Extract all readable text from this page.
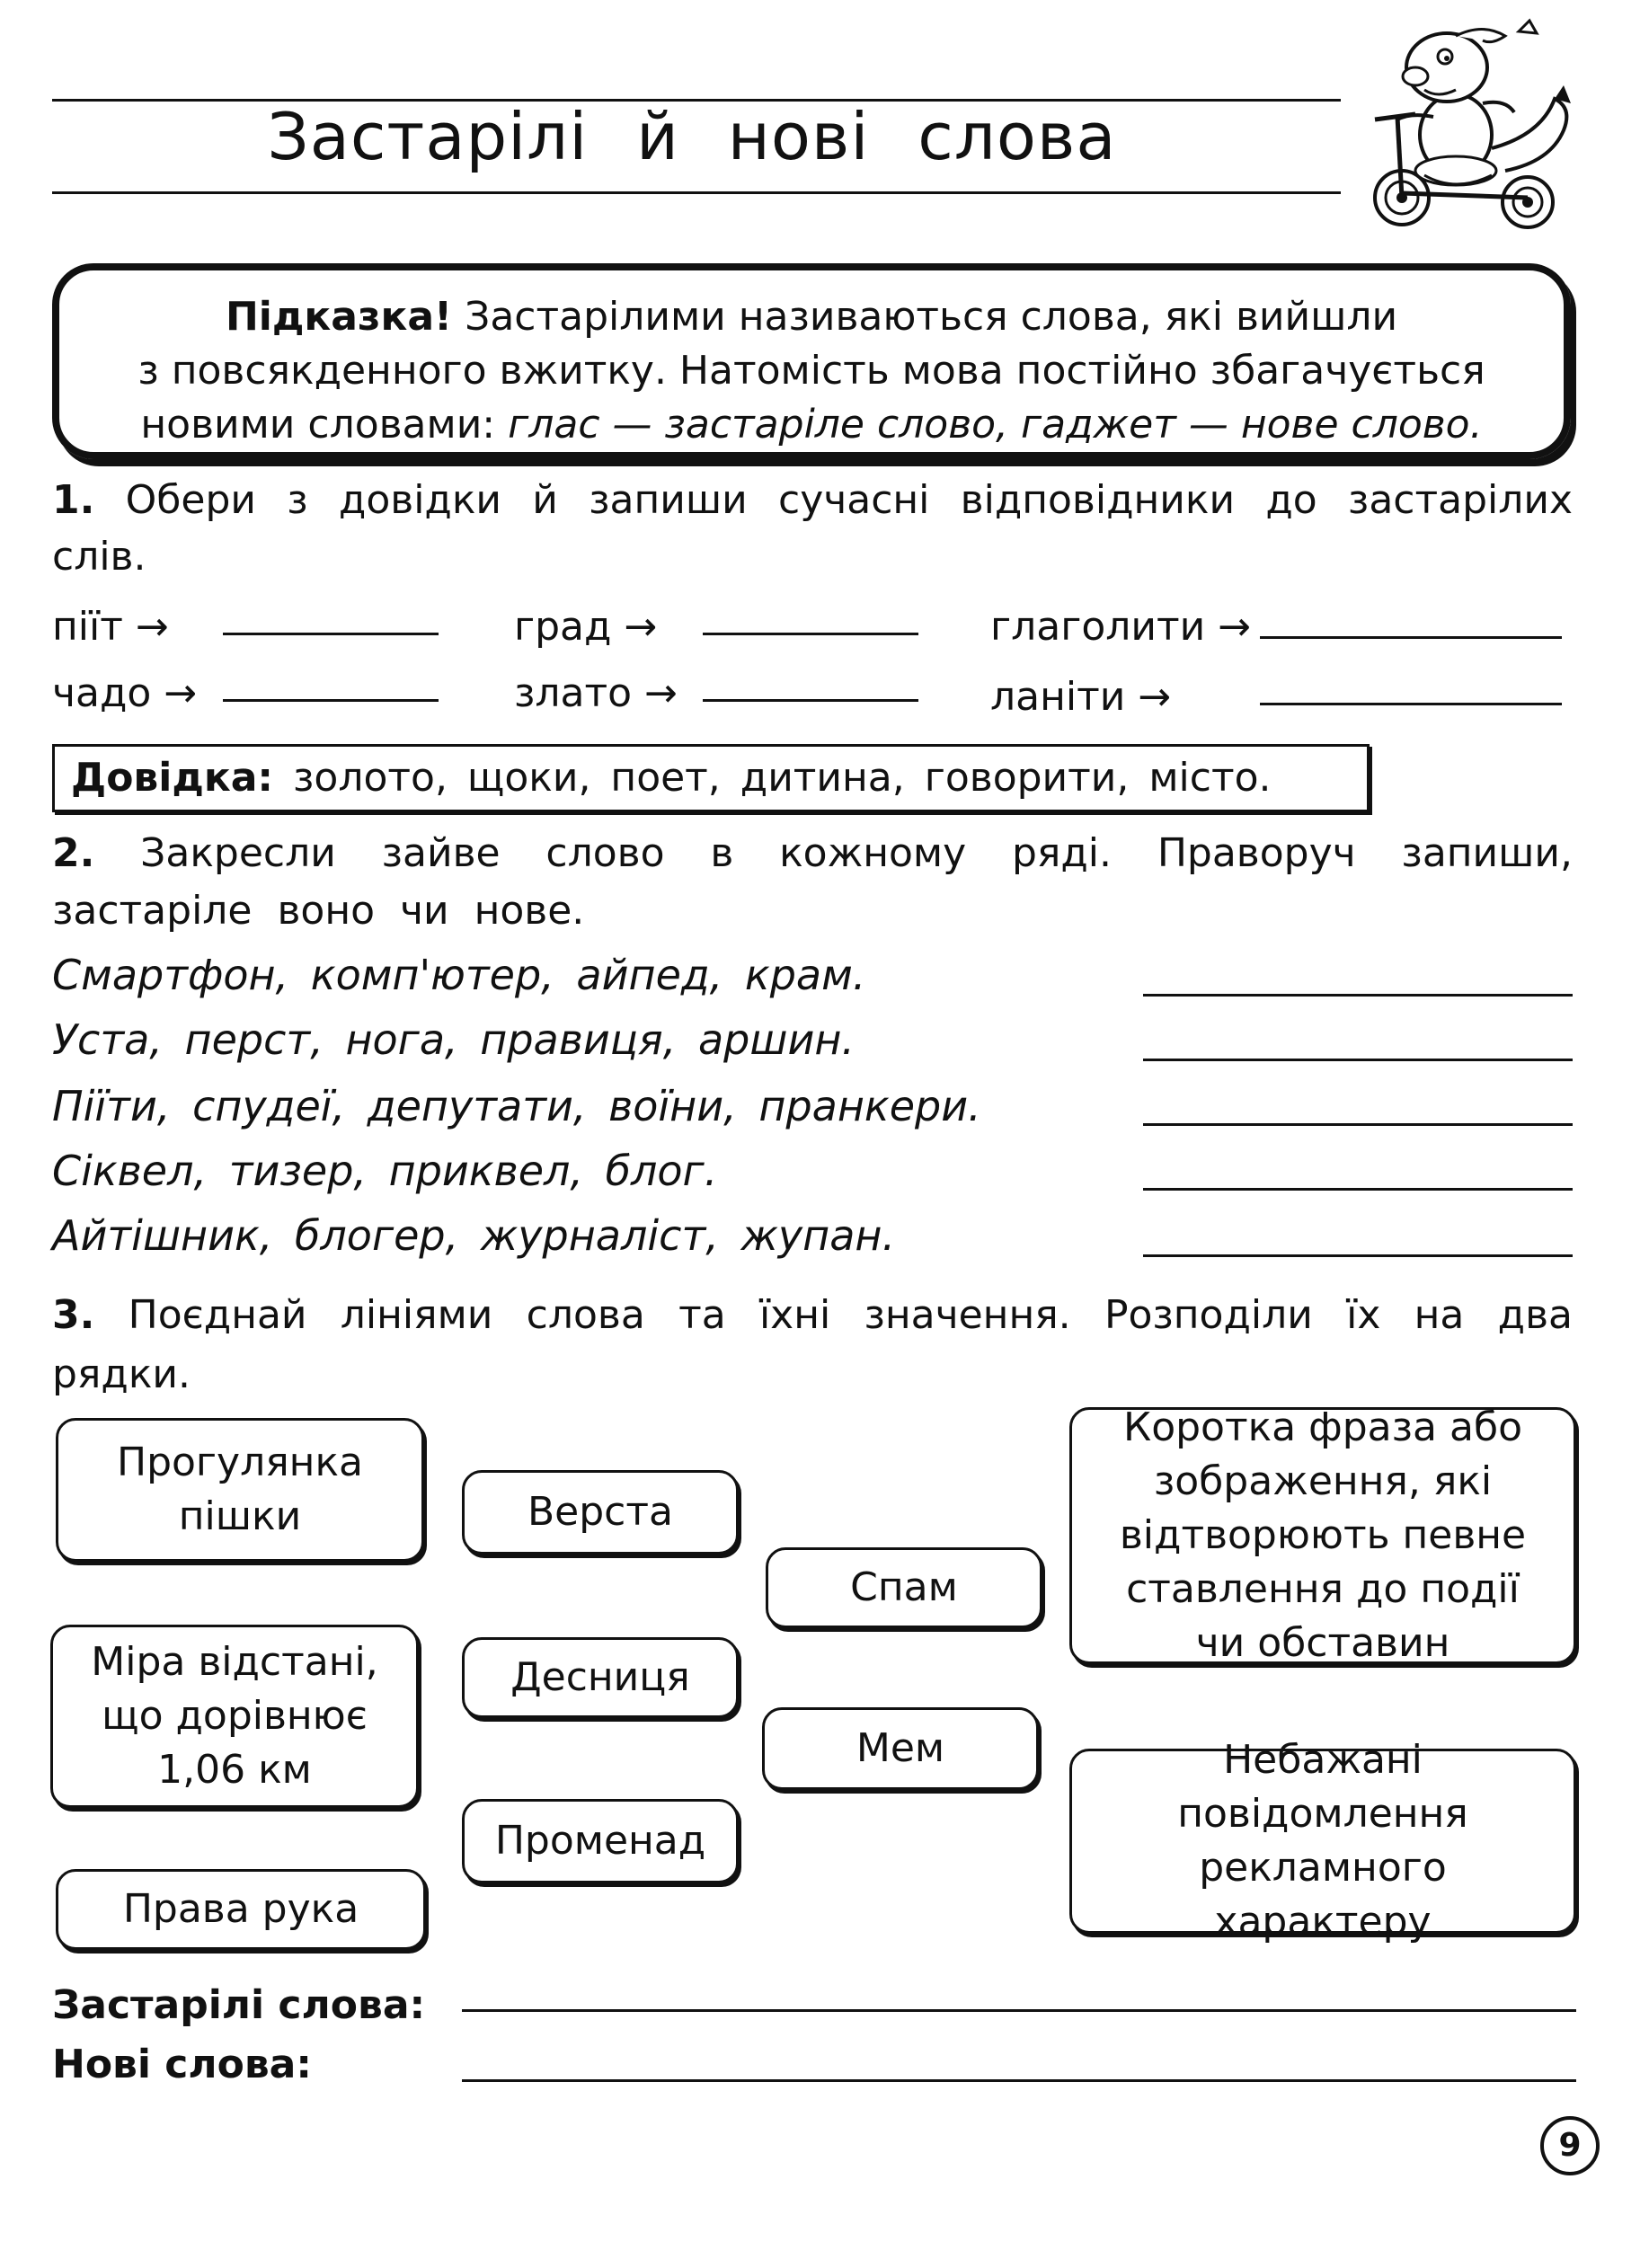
Застарілі й нові слова
Підказка! Застарілими називаються слова, які вийшли
з повсякденного вжитку. Натомість мова постійно збагачується
новими словами: глас — застаріле слово, гаджет — нове слово.
1. Обери з довідки й запиши сучасні відповідники до застарілих
слів.
піїт →	град →	глаголити →
чадо →	злато →	ланіти →
Довідка: золото, щоки, поет, дитина, говорити, місто.
2. Закресли зайве слово в кожному ряді. Праворуч запиши,
застаріле воно чи нове.
Смартфон, комп'ютер, айпед, крам.
Уста, перст, нога, правиця, аршин.
Піїти, спудеї, депутати, воїни, пранкери.
Сіквел, тизер, приквел, блог.
Айтішник, блогер, журналіст, жупан.
3. Поєднай лініями слова та їхні значення. Розподіли їх на два
рядки.
Прогулянка пішки
Міра відстані, що дорівнює 1,06 км
Права рука
Верста
Десниця
Променад
Спам
Мем
Коротка фраза або зображення, які відтворюють певне ставлення до події чи обставин
Небажані повідомлення рекламного характеру
Застарілі слова:
Нові слова:
9
